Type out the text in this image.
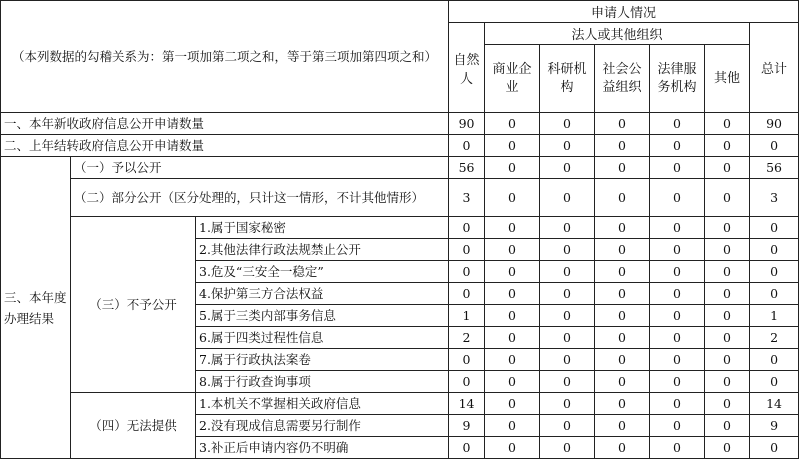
（本列数据的勾稽关系为：第一项加第二项之和，等于第三项加第四项之和）			申请人情况						
			自然人	法人或其他组织					总计
				商业企业	科研机构	社会公益组织	法律服务机构	其他	
一、本年新收政府信息公开申请数量			90	0	0	0	0	0	90
二、上年结转政府信息公开申请数量			0	0	0	0	0	0	0
三、本年度办理结果	（一）予以公开		56	0	0	0	0	0	56
	（二）部分公开（区分处理的，只计这一情形，不计其他情形）		3	0	0	0	0	0	3
	（三）不予公开	1.属于国家秘密	0	0	0	0	0	0	0
		2.其他法律行政法规禁止公开	0	0	0	0	0	0	0
		3.危及“三安全一稳定”	0	0	0	0	0	0	0
		4.保护第三方合法权益	0	0	0	0	0	0	0
		5.属于三类内部事务信息	1	0	0	0	0	0	1
		6.属于四类过程性信息	2	0	0	0	0	0	2
		7.属于行政执法案卷	0	0	0	0	0	0	0
		8.属于行政查询事项	0	0	0	0	0	0	0
	（四）无法提供	1.本机关不掌握相关政府信息	14	0	0	0	0	0	14
		2.没有现成信息需要另行制作	9	0	0	0	0	0	9
		3.补正后申请内容仍不明确	0	0	0	0	0	0	0
